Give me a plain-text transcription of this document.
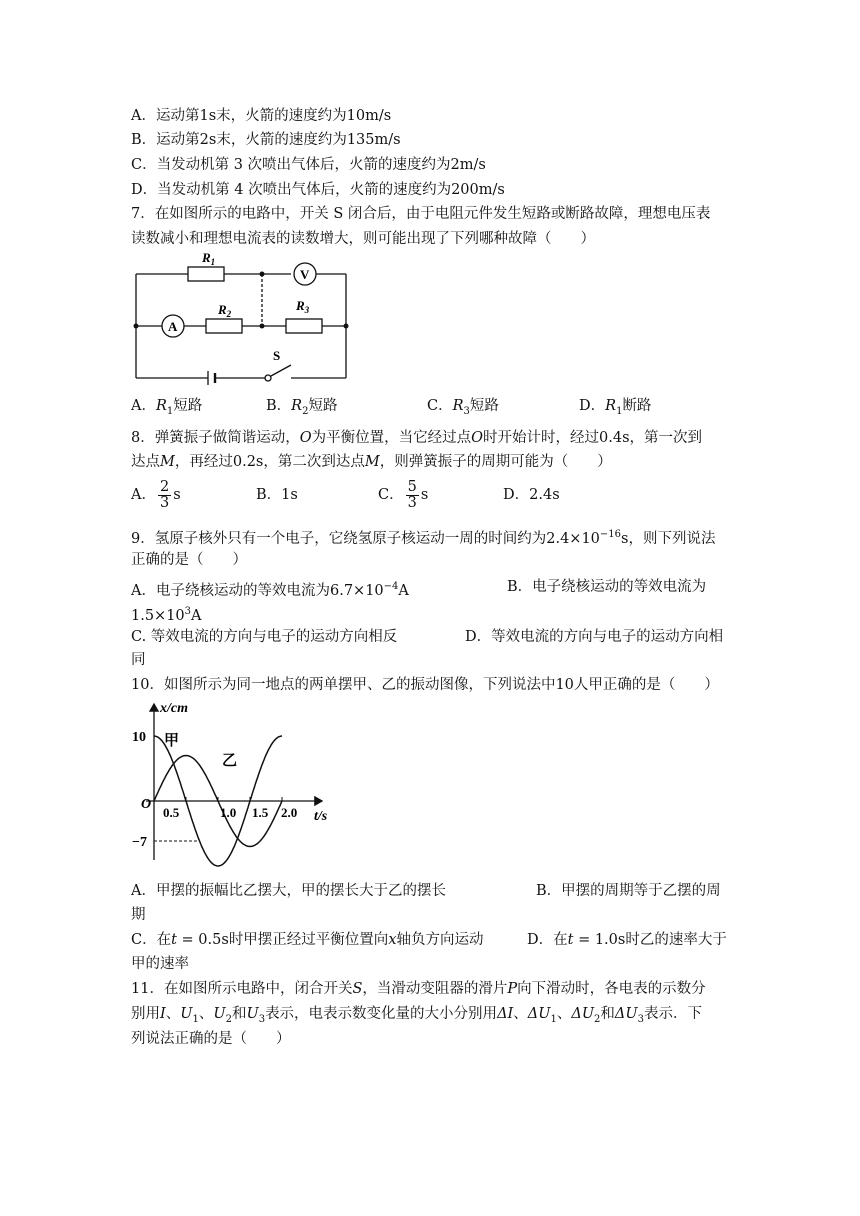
A．运动第1s末，火箭的速度约为10m/s
B．运动第2s末，火箭的速度约为135m/s
C．当发动机第 3 次喷出气体后，火箭的速度约为2m/s
D．当发动机第 4 次喷出气体后，火箭的速度约为200m/s
7．在如图所示的电路中，开关 S 闭合后，由于电阻元件发生短路或断路故障，理想电压表
读数减小和理想电流表的读数增大，则可能出现了下列哪种故障（　　）
$R_1$
$R_2$
$R_3$
V
A
S
A．$R_1$短路	B．$R_2$短路	C．$R_3$短路	D．$R_1$断路
8．弹簧振子做简谐运动，O为平衡位置，当它经过点O时开始计时，经过0.4s，第一次到
达点M，再经过0.2s，第二次到达点M，则弹簧振子的周期可能为（　　）
A． $\frac{2}{3}$ s	B．1s	C． $\frac{5}{3}$ s	D．2.4s
9．氢原子核外只有一个电子，它绕氢原子核运动一周的时间约为$2.4\times 10^{-16}s$，则下列说法
正确的是（　　）
A．电子绕核运动的等效电流为$6.7\times 10^{-4}A$	B．电子绕核运动的等效电流为
$1.5\times 10^3A$
C. 等效电流的方向与电子的运动方向相反	D．等效电流的方向与电子的运动方向相
同
10．如图所示为同一地点的两单摆甲、乙的振动图像，下列说法中10人甲正确的是（　　）
x/cm
t/s
O
10
−7
0.5	1.0 1.5 2.0
甲
乙
A．甲摆的振幅比乙摆大，甲的摆长大于乙的摆长	B．甲摆的周期等于乙摆的周
期
C．在t = 0.5s时甲摆正经过平衡位置向x轴负方向运动	D．在t = 1.0s时乙的速率大于
甲的速率
11．在如图所示电路中，闭合开关S，当滑动变阻器的滑片P向下滑动时，各电表的示数分
别用I、$U_1$、$U_2$和$U_3$表示，电表示数变化量的大小分别用ΔI、$\Delta U_1$、$\Delta U_2$和$\Delta U_3$表示．下
列说法正确的是（　　）
